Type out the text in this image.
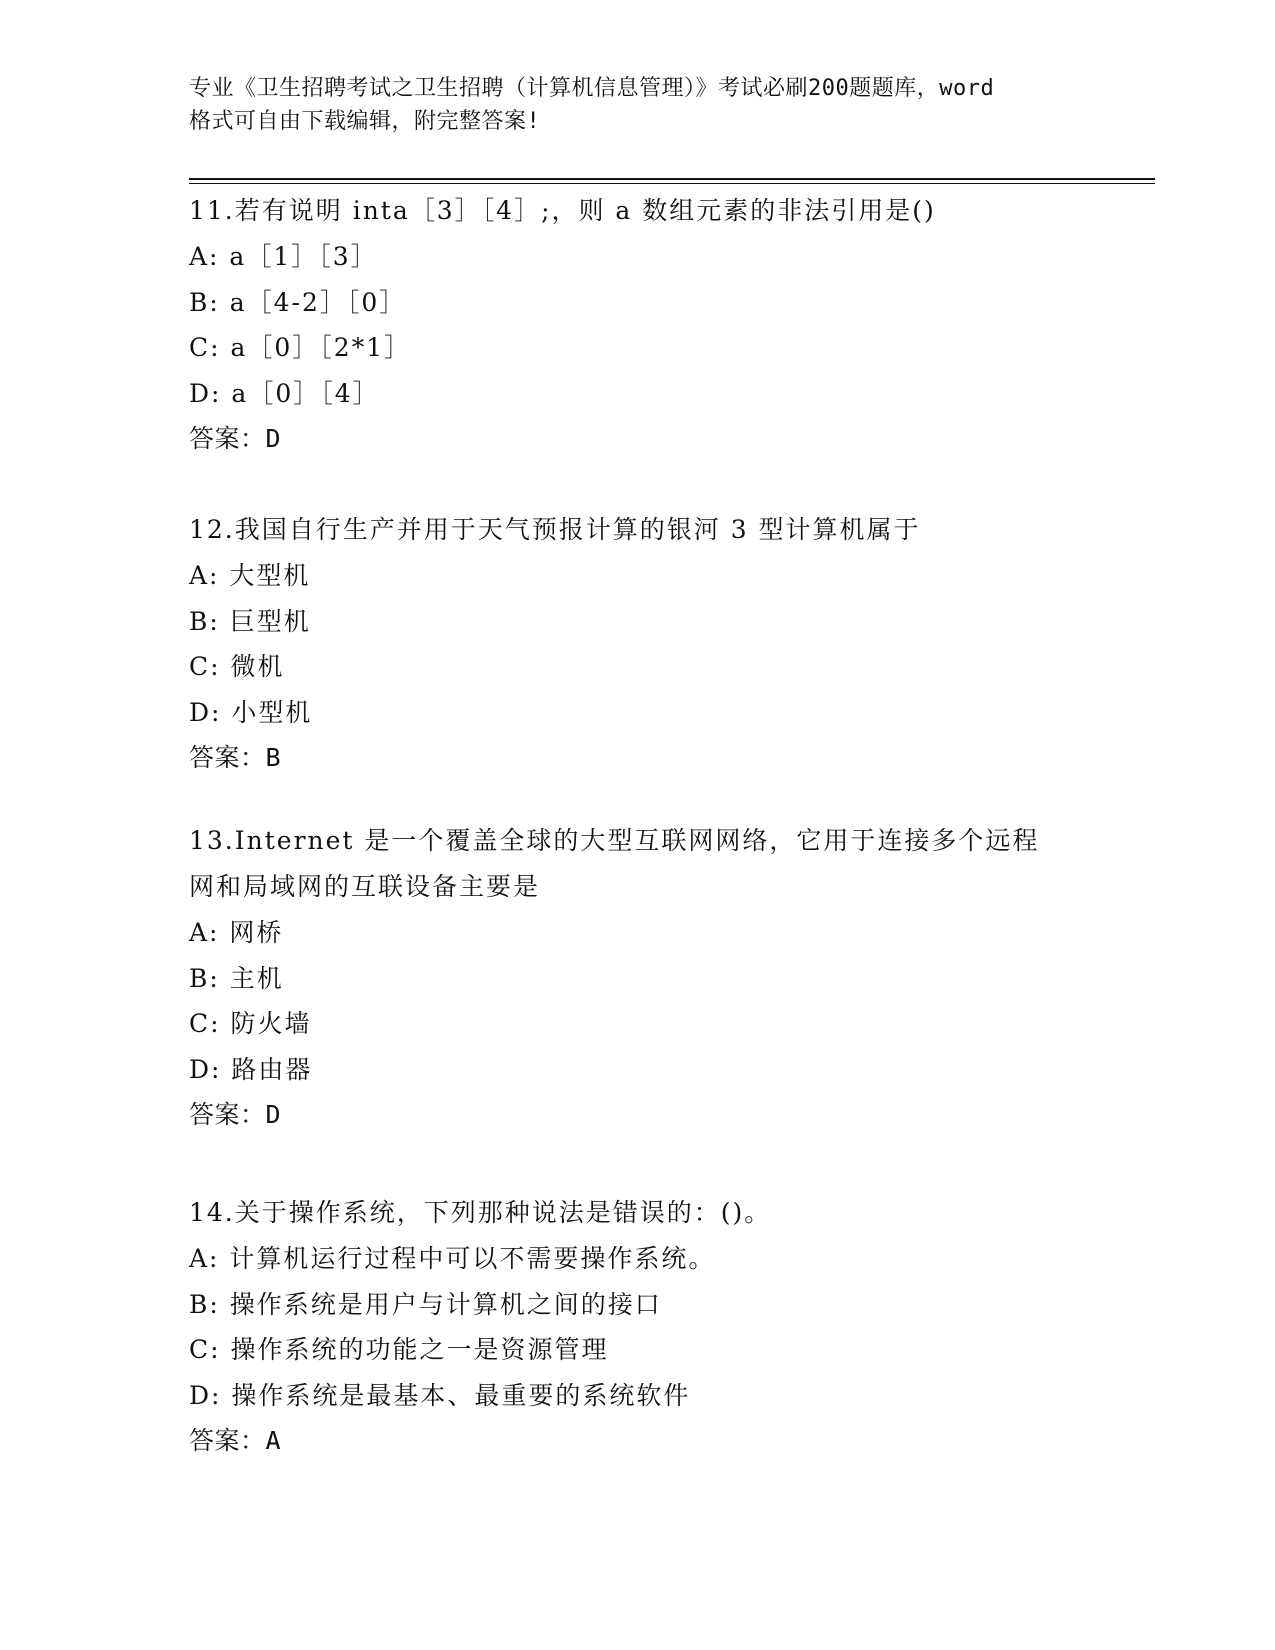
专业《卫生招聘考试之卫生招聘（计算机信息管理）》考试必刷200题题库，word
格式可自由下载编辑，附完整答案!
11.若有说明 inta［3］［4］;，则 a 数组元素的非法引用是()
A: a［1］［3］
B: a［4-2］［0］
C: a［0］［2*1］
D: a［0］［4］
答案：D
12.我国自行生产并用于天气预报计算的银河 3 型计算机属于
A: 大型机
B: 巨型机
C: 微机
D: 小型机
答案：B
13.Internet 是一个覆盖全球的大型互联网网络，它用于连接多个远程
网和局域网的互联设备主要是
A: 网桥
B: 主机
C: 防火墙
D: 路由器
答案：D
14.关于操作系统，下列那种说法是错误的：()。
A: 计算机运行过程中可以不需要操作系统。
B: 操作系统是用户与计算机之间的接口
C: 操作系统的功能之一是资源管理
D: 操作系统是最基本、最重要的系统软件
答案：A
